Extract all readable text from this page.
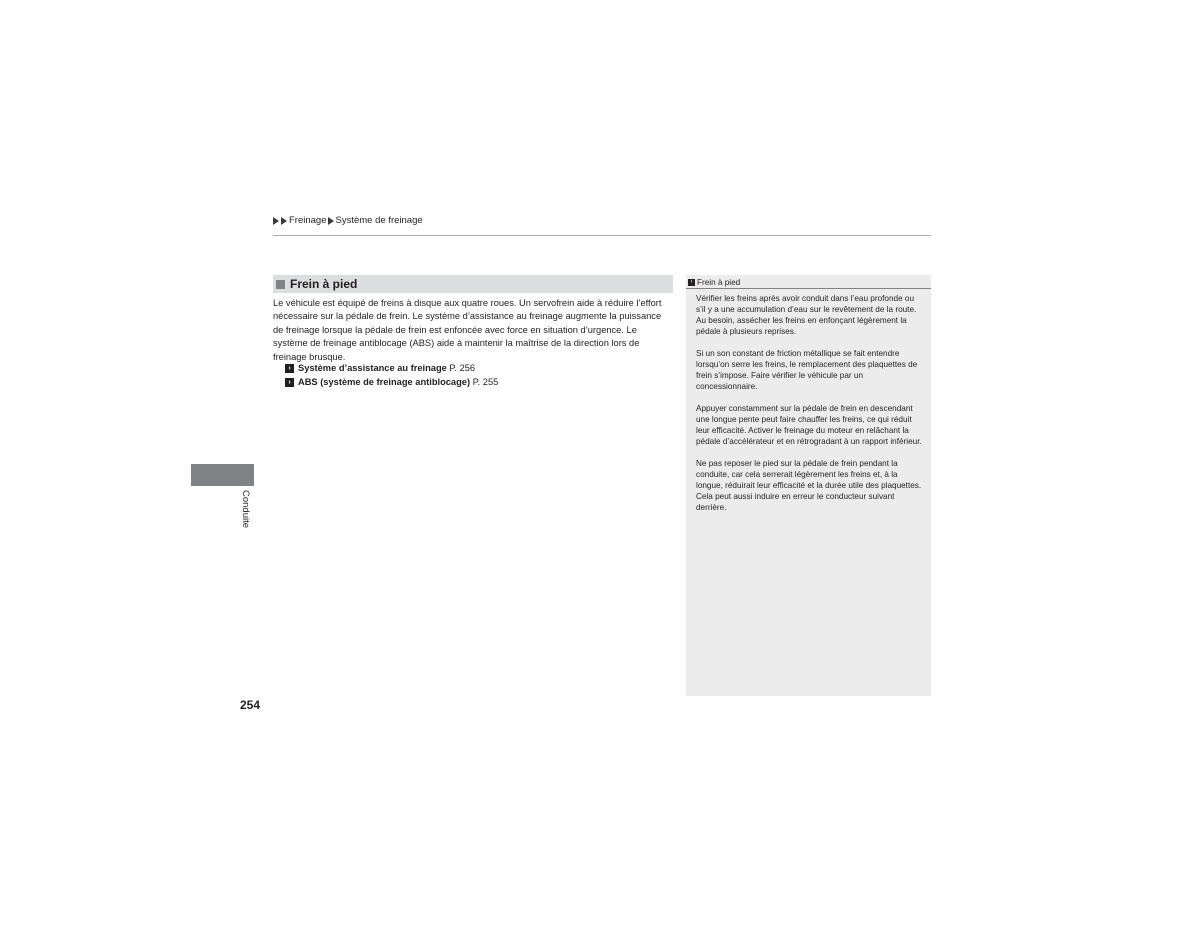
Freinage Système de freinage
Frein à pied

Le véhicule est équipé de freins à disque aux quatre roues. Un servofrein aide à réduire l’effort nécessaire sur la pédale de frein. Le système d’assistance au freinage augmente la puissance de freinage lorsque la pédale de frein est enfoncée avec force en situation d’urgence. Le système de freinage antiblocage (ABS) aide à maintenir la maîtrise de la direction lors de freinage brusque.

› Système d’assistance au freinage
P. 256
› ABS (système de freinage antiblocage)
P. 255
Conduite
254
› Frein à pied

Vérifier les freins après avoir conduit dans l’eau profonde ou s’il y a une accumulation d’eau sur le revêtement de la route. Au besoin, assécher les freins en enfonçant légèrement la pédale à plusieurs reprises.

Si un son constant de friction métallique se fait entendre lorsqu’on serre les freins, le remplacement des plaquettes de frein s’impose. Faire vérifier le véhicule par un concessionnaire.

Appuyer constamment sur la pédale de frein en descendant une longue pente peut faire chauffer les freins, ce qui réduit leur efficacité. Activer le freinage du moteur en relâchant la pédale d’accélérateur et en rétrogradant à un rapport inférieur.

Ne pas reposer le pied sur la pédale de frein pendant la conduite, car cela serrerait légèrement les freins et, à la longue, réduirait leur efficacité et la durée utile des plaquettes. Cela peut aussi induire en erreur le conducteur suivant derrière.
